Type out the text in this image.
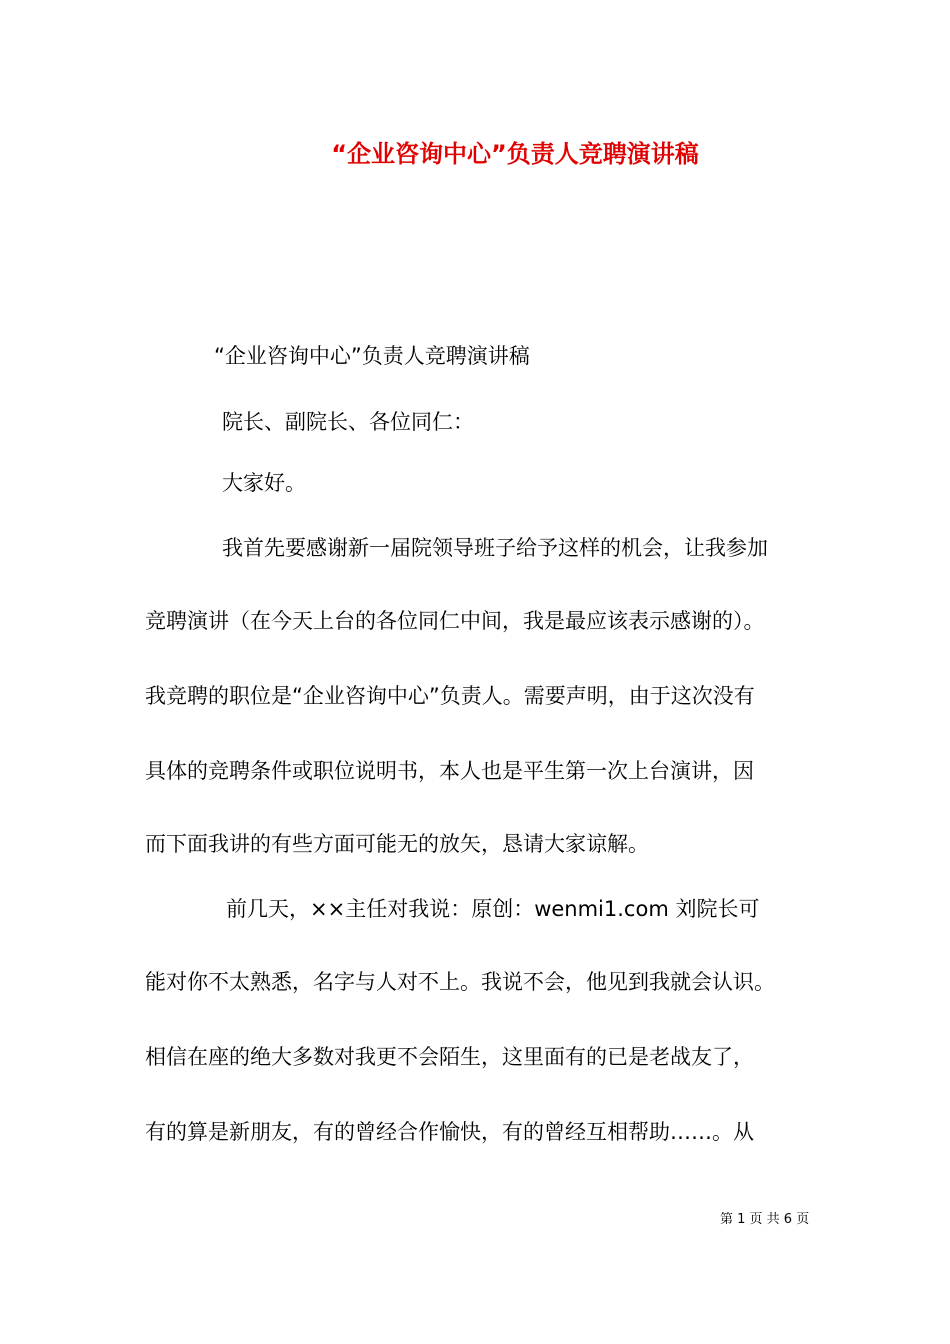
“企业咨询中心”负责人竞聘演讲稿
“企业咨询中心”负责人竞聘演讲稿
院长、副院长、各位同仁：
大家好。
我首先要感谢新一届院领导班子给予这样的机会，让我参加
竞聘演讲（在今天上台的各位同仁中间，我是最应该表示感谢的）。
我竞聘的职位是“企业咨询中心”负责人。需要声明，由于这次没有
具体的竞聘条件或职位说明书，本人也是平生第一次上台演讲，因
而下面我讲的有些方面可能无的放矢，恳请大家谅解。
前几天，××主任对我说：原创：wenmi1.com 刘院长可
能对你不太熟悉，名字与人对不上。我说不会，他见到我就会认识。
相信在座的绝大多数对我更不会陌生，这里面有的已是老战友了，
有的算是新朋友，有的曾经合作愉快，有的曾经互相帮助……。从
第 1 页 共 6 页
